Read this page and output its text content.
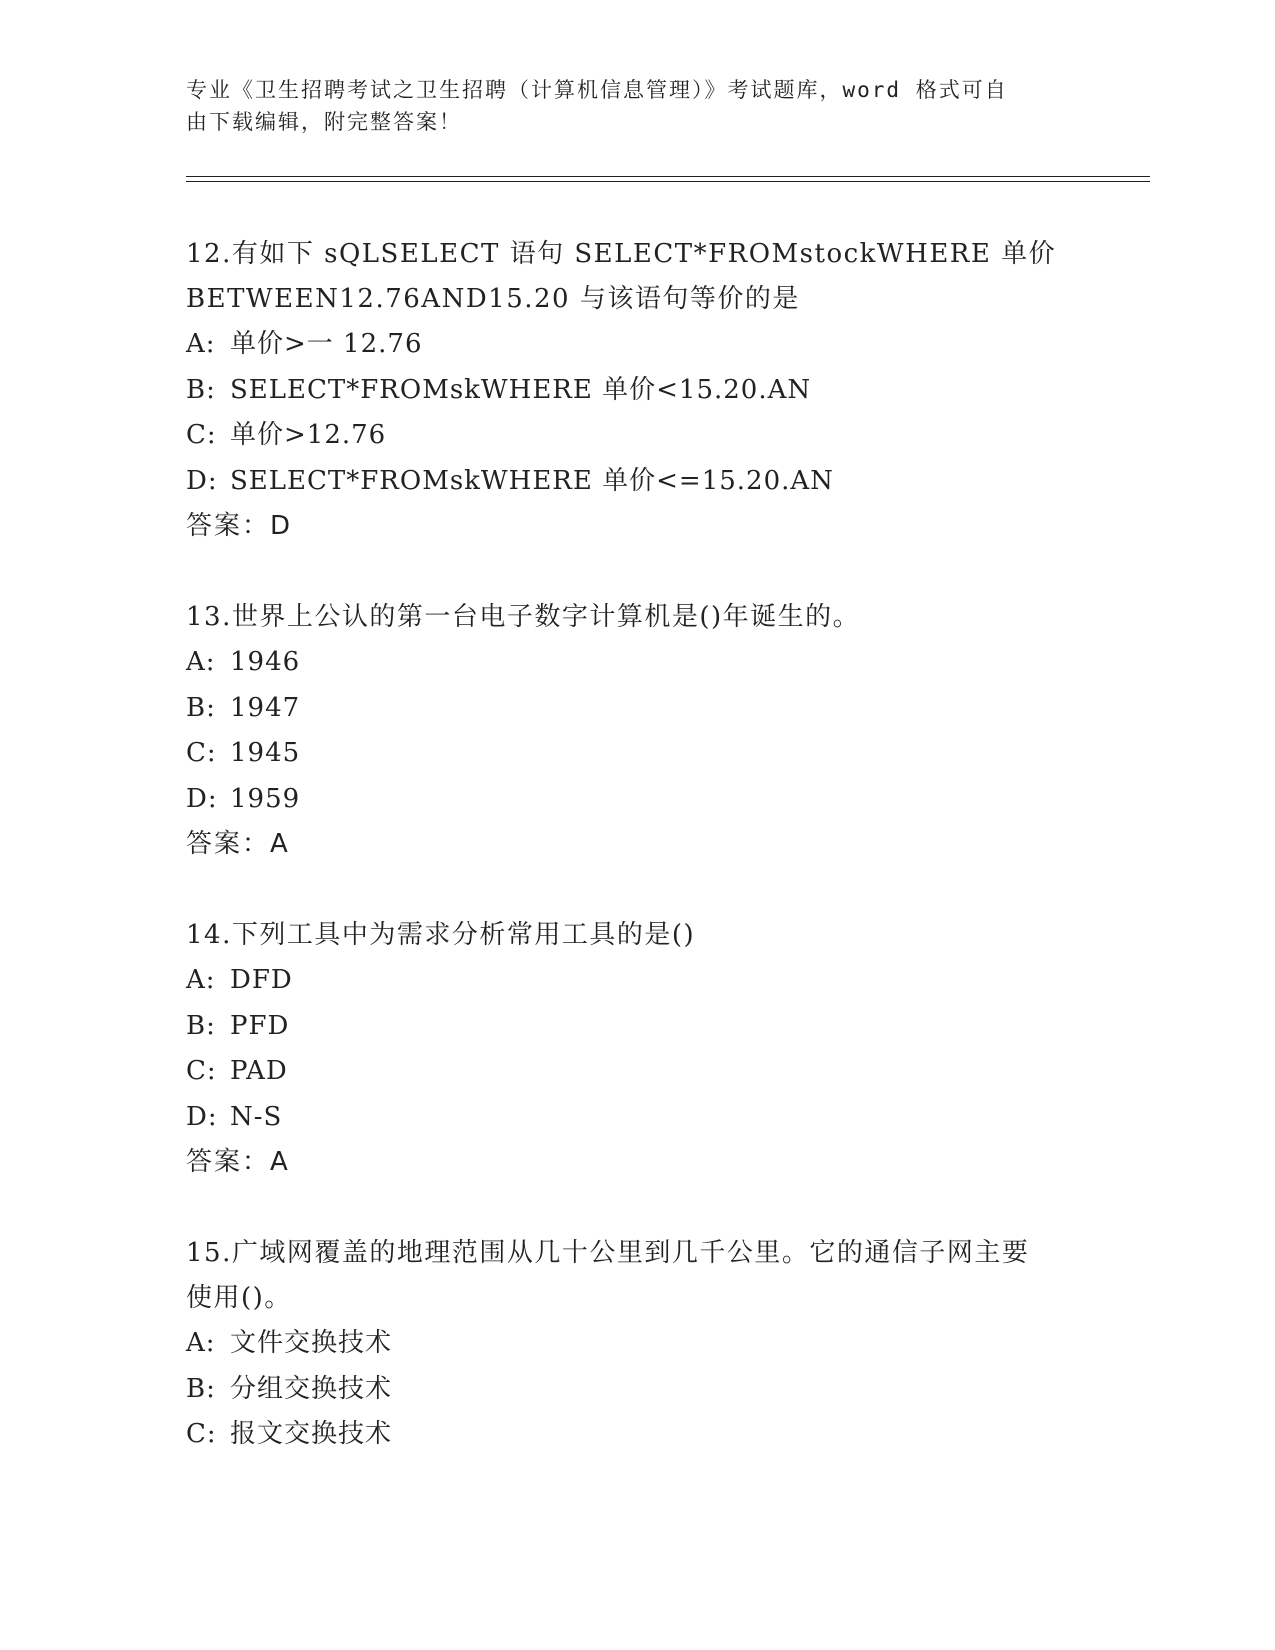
专业《卫生招聘考试之卫生招聘（计算机信息管理）》考试题库，word 格式可自
由下载编辑，附完整答案！
12.有如下 sQLSELECT 语句 SELECT*FROMstockWHERE 单价
BETWEEN12.76AND15.20 与该语句等价的是
A: 单价>一 12.76
B: SELECT*FROMskWHERE 单价<15.20.AN
C: 单价>12.76
D: SELECT*FROMskWHERE 单价<=15.20.AN
答案：D
13.世界上公认的第一台电子数字计算机是()年诞生的。
A: 1946
B: 1947
C: 1945
D: 1959
答案：A
14.下列工具中为需求分析常用工具的是()
A: DFD
B: PFD
C: PAD
D: N-S
答案：A
15.广域网覆盖的地理范围从几十公里到几千公里。它的通信子网主要
使用()。
A: 文件交换技术
B: 分组交换技术
C: 报文交换技术
